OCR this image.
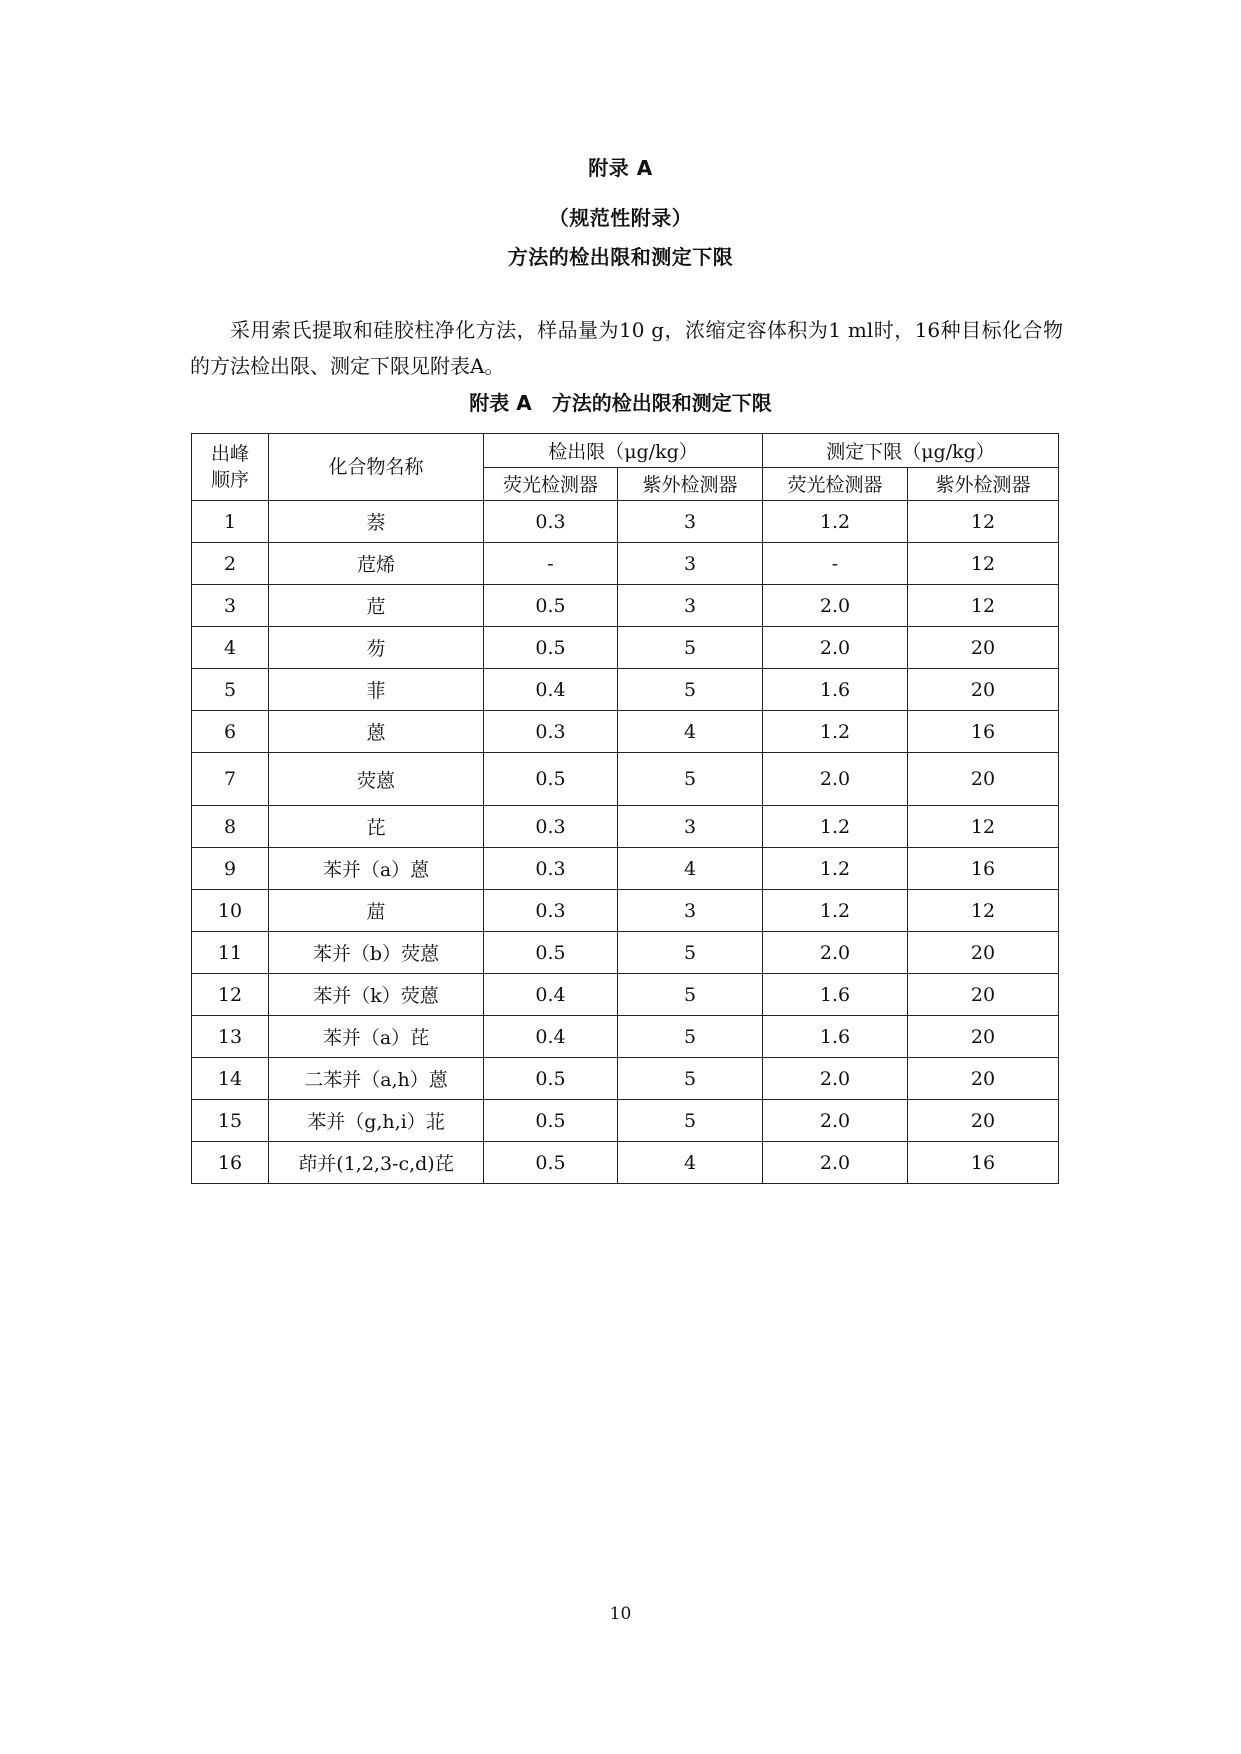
附录 A
（规范性附录）
方法的检出限和测定下限

采用索氏提取和硅胶柱净化方法，样品量为10 g，浓缩定容体积为1 ml时，16种目标化合物的方法检出限、测定下限见附表A。

附表 A　方法的检出限和测定下限
出峰
顺序	化合物名称	检出限（μg/kg）		测定下限（μg/kg）	
		荧光检测器	紫外检测器	荧光检测器	紫外检测器
1	萘	0.3	3	1.2	12
2	苊烯	-	3	-	12
3	苊	0.5	3	2.0	12
4	芴	0.5	5	2.0	20
5	菲	0.4	5	1.6	20
6	蒽	0.3	4	1.2	16
7	荧蒽	0.5	5	2.0	20
8	芘	0.3	3	1.2	12
9	苯并（a）蒽	0.3	4	1.2	16
10	䓛	0.3	3	1.2	12
11	苯并（b）荧蒽	0.5	5	2.0	20
12	苯并（k）荧蒽	0.4	5	1.6	20
13	苯并（a）芘	0.4	5	1.6	20
14	二苯并（a,h）蒽	0.5	5	2.0	20
15	苯并（g,h,i）苝	0.5	5	2.0	20
16	茚并(1,2,3-c,d)芘	0.5	4	2.0	16
10
